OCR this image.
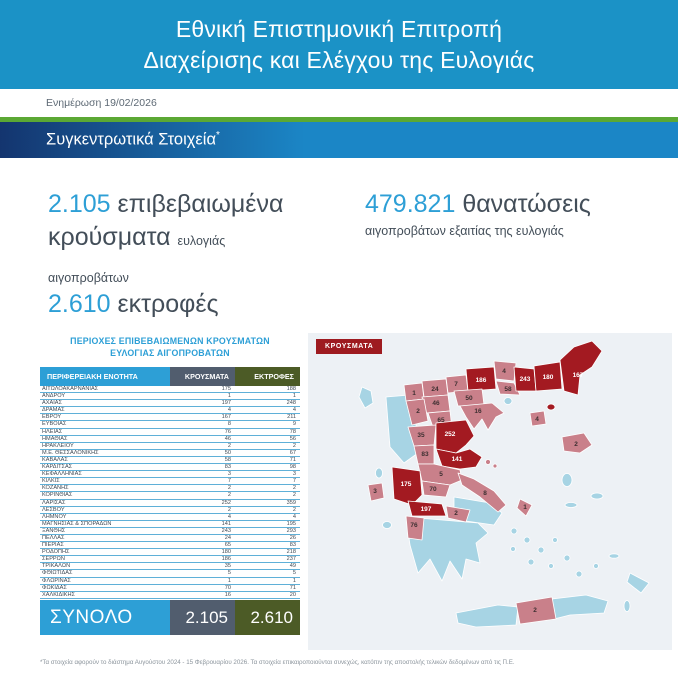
Εθνική Επιστημονική Επιτροπή
Διαχείρισης και Ελέγχου της Ευλογιάς
Ενημέρωση 19/02/2026
Συγκεντρωτικά Στοιχεία*
2.105 επιβεβαιωμένα κρούσματα ευλογιάς αιγοπροβάτων
479.821 θανατώσεις
αιγοπροβάτων εξαιτίας της ευλογιάς
2.610 εκτροφές
ΠΕΡΙΟΧΕΣ ΕΠΙΒΕΒΑΙΩΜΕΝΩΝ ΚΡΟΥΣΜΑΤΩΝ
ΕΥΛΟΓΙΑΣ ΑΙΓΟΠΡΟΒΑΤΩΝ
ΠΕΡΙΦΕΡΕΙΑΚΗ ΕΝΟΤΗΤΑ	ΚΡΟΥΣΜΑΤΑ	ΕΚΤΡΟΦΕΣ
ΑΙΤΩΛΟΑΚΑΡΝΑΝΙΑΣ	175	188
ΑΝΔΡΟΥ	1	1
ΑΧΑΪΑΣ	197	248
ΔΡΑΜΑΣ	4	4
ΕΒΡΟΥ	167	211
ΕΥΒΟΙΑΣ	8	9
ΗΛΕΙΑΣ	76	78
ΗΜΑΘΙΑΣ	46	56
ΗΡΑΚΛΕΙΟΥ	2	2
Μ.Ε. ΘΕΣΣΑΛΟΝΙΚΗΣ	50	67
ΚΑΒΑΛΑΣ	58	71
ΚΑΡΔΙΤΣΑΣ	83	98
ΚΕΦΑΛΛΗΝΙΑΣ	3	3
ΚΙΛΚΙΣ	7	7
ΚΟΖΑΝΗΣ	2	2
ΚΟΡΙΝΘΙΑΣ	2	2
ΛΑΡΙΣΑΣ	252	359
ΛΕΣΒΟΥ	2	2
ΛΗΜΝΟΥ	4	4
ΜΑΓΝΗΣΙΑΣ & ΣΠΟΡΑΔΩΝ	141	195
ΞΑΝΘΗΣ	243	293
ΠΕΛΛΑΣ	24	26
ΠΙΕΡΙΑΣ	65	83
ΡΟΔΟΠΗΣ	180	218
ΣΕΡΡΩΝ	186	237
ΤΡΙΚΑΛΩΝ	35	49
ΦΘΙΩΤΙΔΑΣ	5	5
ΦΛΩΡΙΝΑΣ	1	1
ΦΩΚΙΔΑΣ	70	71
ΧΑΛΚΙΔΙΚΗΣ	16	20
ΣΥΝΟΛΟ	2.105	2.610
1
24
7
186
4
58
243 180	167
50
46
2
65
16
4
35	252
83
141
2
5
175
70
8
3
197
2
76
1
2
ΚΡΟΥΣΜΑΤΑ
*Τα στοιχεία αφορούν το διάστημα Αυγούστου 2024 - 15 Φεβρουαρίου 2026. Τα στοιχεία επικαιροποιούνται συνεχώς, κατόπιν της αποστολής τελικών δεδομένων από τις Π.Ε.
